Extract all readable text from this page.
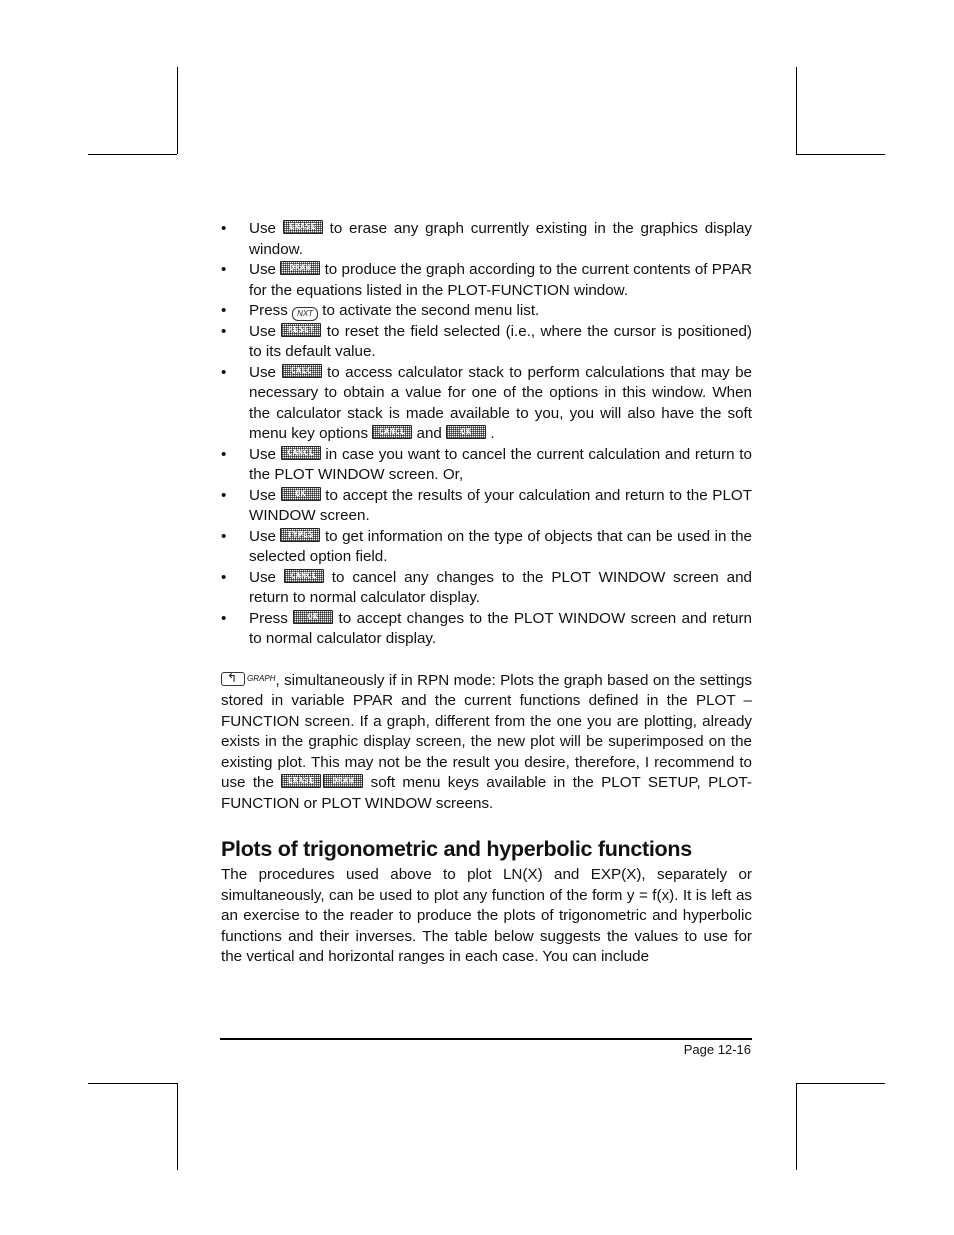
•	Use ERASE to erase any graph currently existing in the graphics display window.
•	Use DRAW to produce the graph according to the current contents of PPAR for the equations listed in the PLOT-FUNCTION window.
•	Press NXT to activate the second menu list.
•	Use RESET to reset the field selected (i.e., where the cursor is positioned) to its default value.
•	Use CALC to access calculator stack to perform calculations that may be necessary to obtain a value for one of the options in this window. When the calculator stack is made available to you, you will also have the soft menu key options CANCL and OK .
•	Use CANCL in case you want to cancel the current calculation and return to the PLOT WINDOW screen. Or,
•	Use OK to accept the results of your calculation and return to the PLOT WINDOW screen.
•	Use TYPES to get information on the type of objects that can be used in the selected option field.
•	Use CANCL to cancel any changes to the PLOT WINDOW screen and return to normal calculator display.
•	Press	OK to accept changes to the PLOT WINDOW screen and return to normal calculator display.

↰ $^{GRAPH}$, simultaneously if in RPN mode: Plots the graph based on the settings stored in variable PPAR and the current functions defined in the PLOT – FUNCTION screen. If a graph, different from the one you are plotting, already exists in the graphic display screen, the new plot will be superimposed on the existing plot. This may not be the result you desire, therefore, I recommend to use the ERASE DRAW soft menu keys available in the PLOT SETUP, PLOT-FUNCTION or PLOT WINDOW screens.

Plots of trigonometric and hyperbolic functions

The procedures used above to plot LN(X) and EXP(X), separately or simultaneously, can be used to plot any function of the form y = f(x). It is left as an exercise to the reader to produce the plots of trigonometric and hyperbolic functions and their inverses. The table below suggests the values to use for the vertical and horizontal ranges in each case. You can include

Page 12-16
